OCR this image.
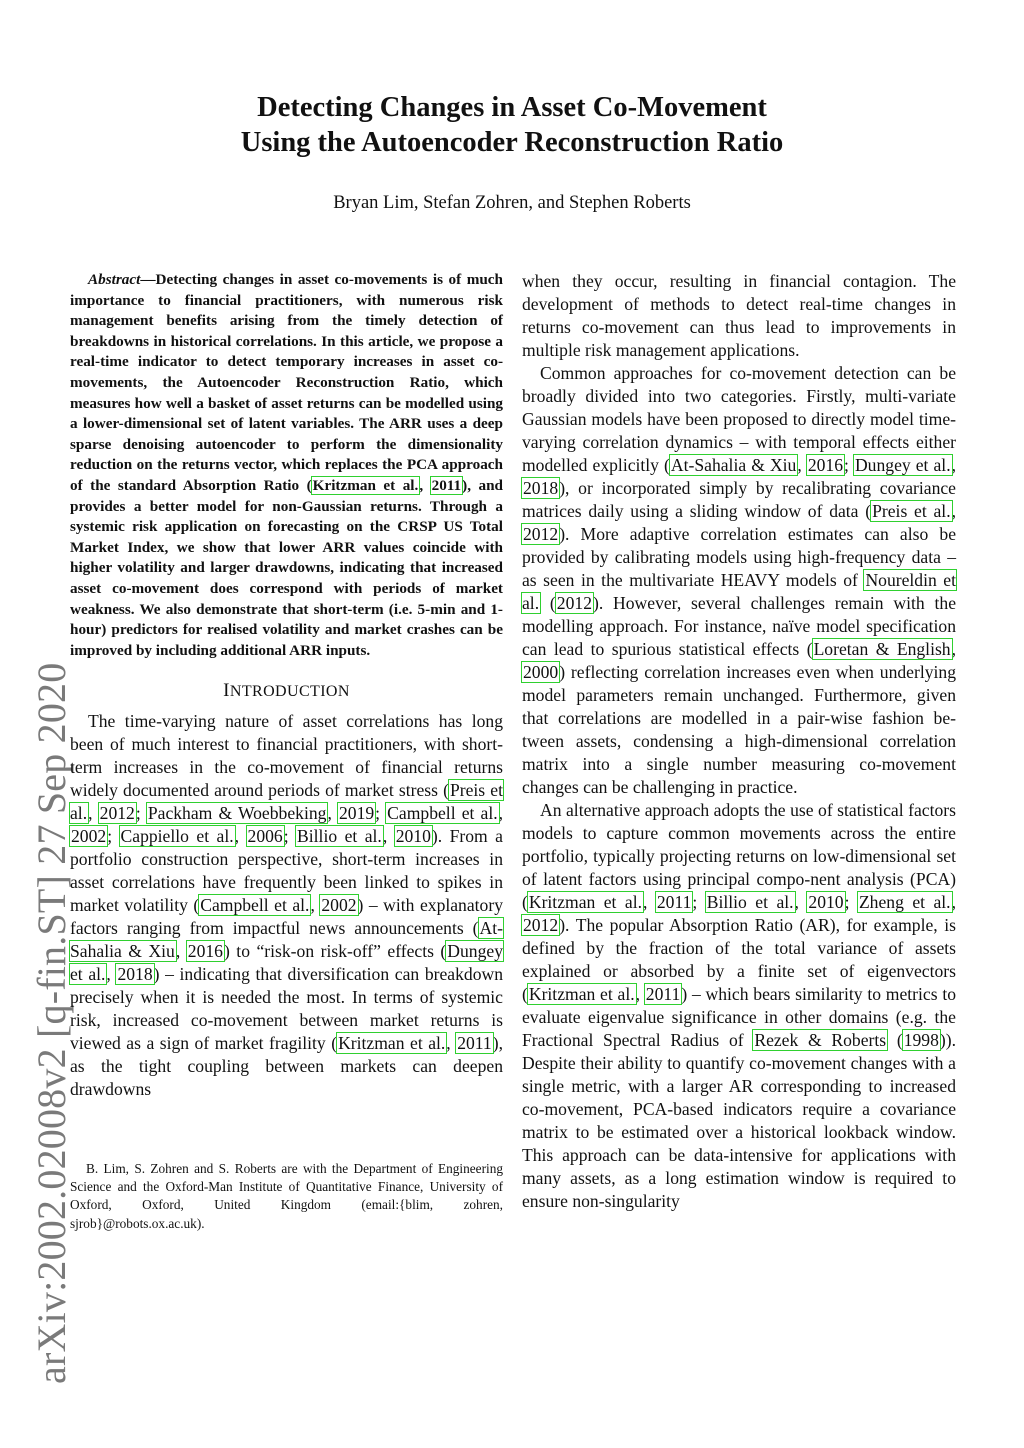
Detecting Changes in Asset Co-Movement
Using the Autoencoder Reconstruction Ratio
Bryan Lim, Stefan Zohren, and Stephen Roberts
arXiv:2002.02008v2 [q-fin.ST] 27 Sep 2020

Abstract—Detecting changes in asset co-movements is of much importance to financial practitioners, with numerous risk management benefits arising from the timely detection of breakdowns in historical correlations. In this article, we propose a real-time indicator to detect temporary increases in asset co-movements, the Autoencoder Reconstruction Ratio, which measures how well a basket of asset returns can be modelled using a lower-dimensional set of latent variables. The ARR uses a deep sparse denoising autoencoder to perform the dimensionality reduction on the returns vector, which replaces the PCA approach of the standard Absorption Ratio (Kritzman et al., 2011), and provides a better model for non-Gaussian returns. Through a systemic risk application on forecasting on the CRSP US Total Market Index, we show that lower ARR values coincide with higher volatility and larger drawdowns, indicating that increased asset co-movement does correspond with periods of market weakness. We also demonstrate that short-term (i.e. 5-min and 1-hour) predictors for realised volatility and market crashes can be improved by including additional ARR inputs.

INTRODUCTION

The time-varying nature of asset correlations has long been of much interest to financial practitioners, with short-term increases in the co-movement of financial returns widely documented around periods of market stress (Preis et al., 2012; Packham & Woebbeking, 2019; Campbell et al., 2002; Cappiello et al., 2006; Billio et al., 2010). From a portfolio construction perspective, short-term increases in asset correlations have frequently been linked to spikes in market volatility (Campbell et al., 2002) – with explanatory factors ranging from impactful news announcements (At-Sahalia & Xiu, 2016) to “risk-on risk-off” effects (Dungey et al., 2018) – indicating that diversification can breakdown precisely when it is needed the most. In terms of systemic risk, increased co-movement between market returns is viewed as a sign of market fragility (Kritzman et al., 2011), as the tight coupling between markets can deepen drawdowns

B. Lim, S. Zohren and S. Roberts are with the Department of Engineering Science and the Oxford-Man Institute of Quantitative Finance, University of Oxford, Oxford, United Kingdom (email:{blim, zohren, sjrob}@robots.ox.ac.uk).

when they occur, resulting in financial contagion. The development of methods to detect real-time changes in returns co-movement can thus lead to improvements in multiple risk management applications.

Common approaches for co-movement detection can be broadly divided into two categories. Firstly, multi-variate Gaussian models have been proposed to directly model time-varying correlation dynamics – with temporal effects either modelled explicitly (At-Sahalia & Xiu, 2016; Dungey et al., 2018), or incorporated simply by recalibrating covariance matrices daily using a sliding window of data (Preis et al., 2012). More adaptive correlation estimates can also be provided by calibrating models using high-frequency data – as seen in the multivariate HEAVY models of Noureldin et al. (2012). However, several challenges remain with the modelling approach. For instance, naïve model specification can lead to spurious statistical effects (Loretan & English, 2000) reflecting correlation increases even when underlying model parameters remain unchanged. Furthermore, given that correlations are modelled in a pair-wise fashion be-tween assets, condensing a high-dimensional correlation matrix into a single number measuring co-movement changes can be challenging in practice.

An alternative approach adopts the use of statistical factors models to capture common movements across the entire portfolio, typically projecting returns on low-dimensional set of latent factors using principal compo-nent analysis (PCA) (Kritzman et al., 2011; Billio et al., 2010; Zheng et al., 2012). The popular Absorption Ratio (AR), for example, is defined by the fraction of the total variance of assets explained or absorbed by a finite set of eigenvectors (Kritzman et al., 2011) – which bears similarity to metrics to evaluate eigenvalue significance in other domains (e.g. the Fractional Spectral Radius of Rezek & Roberts (1998)). Despite their ability to quantify co-movement changes with a single metric, with a larger AR corresponding to increased co-movement, PCA-based indicators require a covariance matrix to be estimated over a historical lookback window. This approach can be data-intensive for applications with many assets, as a long estimation window is required to ensure non-singularity
